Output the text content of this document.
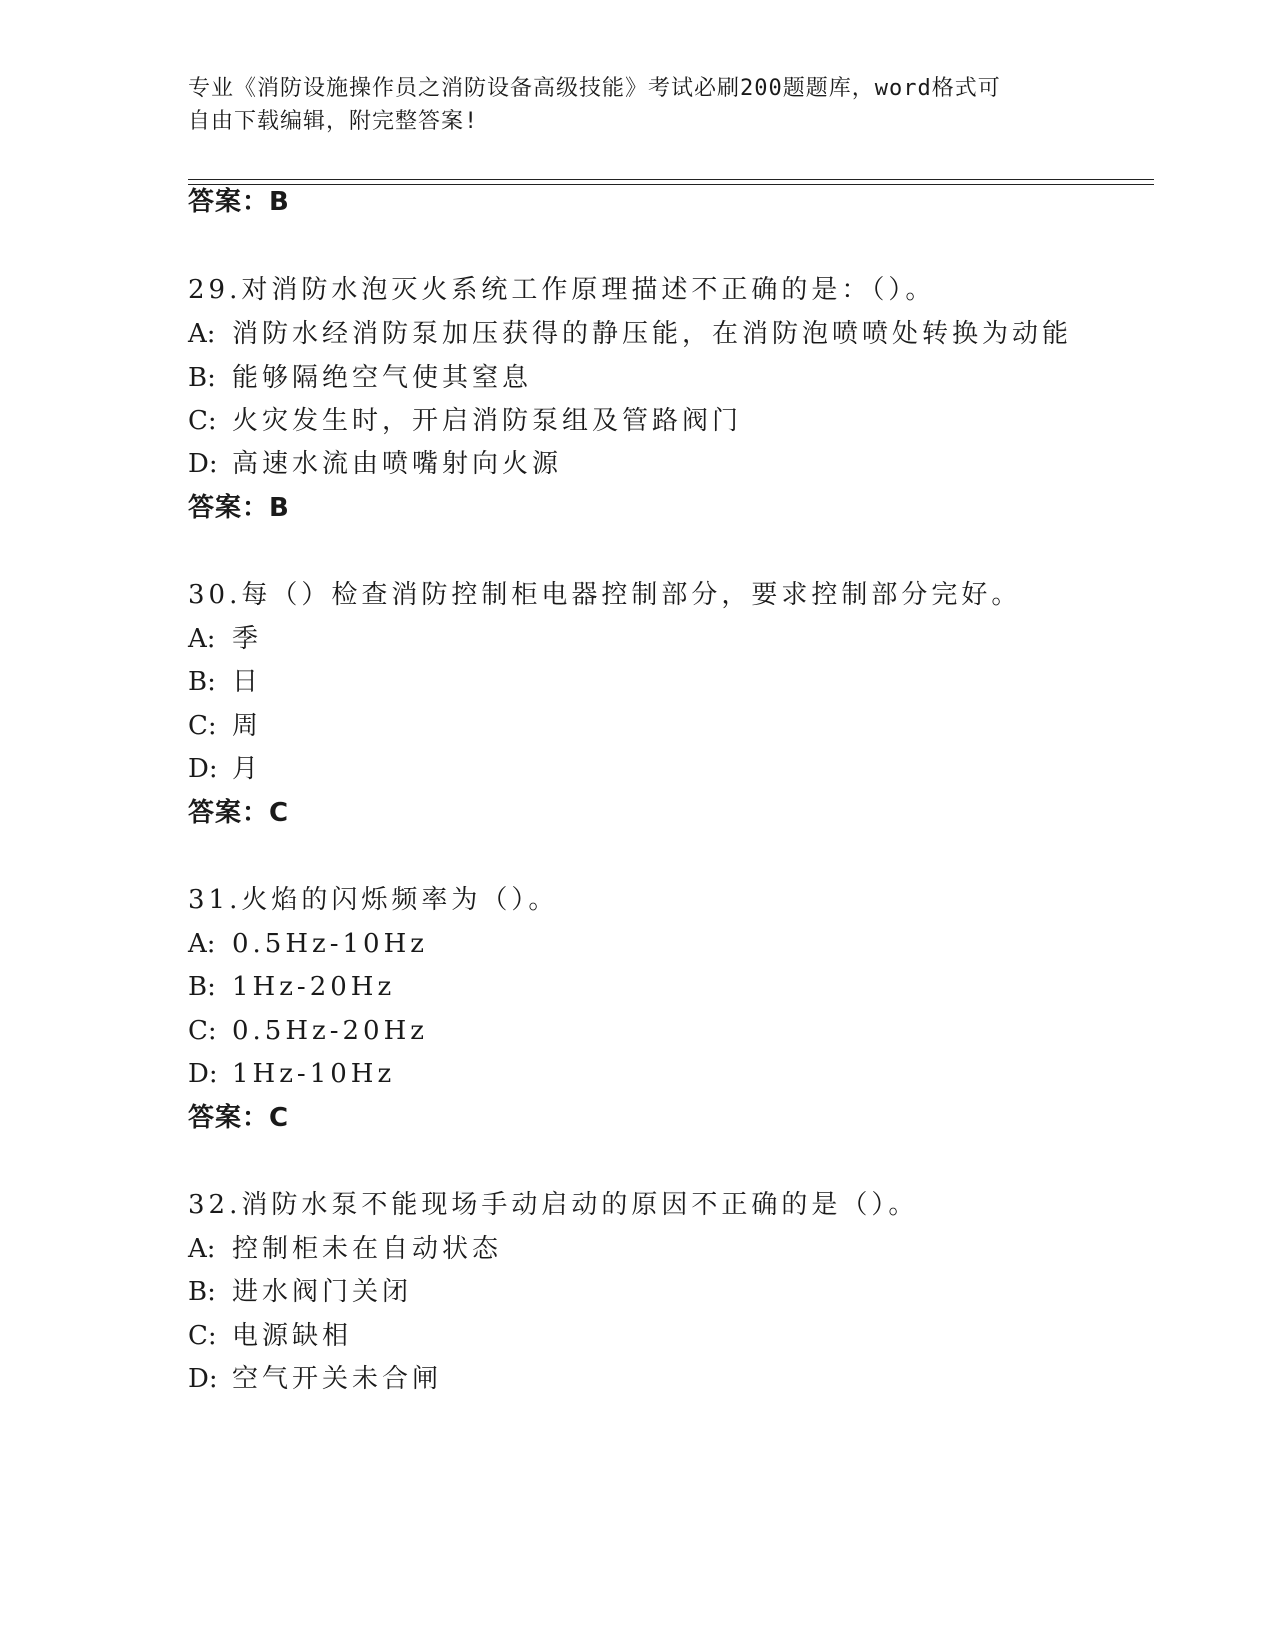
专业《消防设施操作员之消防设备高级技能》考试必刷200题题库，word格式可
自由下载编辑，附完整答案!
答案：B
29.对消防水泡灭火系统工作原理描述不正确的是：（）。
A: 消防水经消防泵加压获得的静压能，在消防泡喷喷处转换为动能
B: 能够隔绝空气使其窒息
C: 火灾发生时，开启消防泵组及管路阀门
D: 高速水流由喷嘴射向火源
答案：B
30.每（）检查消防控制柜电器控制部分，要求控制部分完好。
A: 季
B: 日
C: 周
D: 月
答案：C
31.火焰的闪烁频率为（）。
A: 0.5Hz-10Hz
B: 1Hz-20Hz
C: 0.5Hz-20Hz
D: 1Hz-10Hz
答案：C
32.消防水泵不能现场手动启动的原因不正确的是（）。
A: 控制柜未在自动状态
B: 进水阀门关闭
C: 电源缺相
D: 空气开关未合闸
